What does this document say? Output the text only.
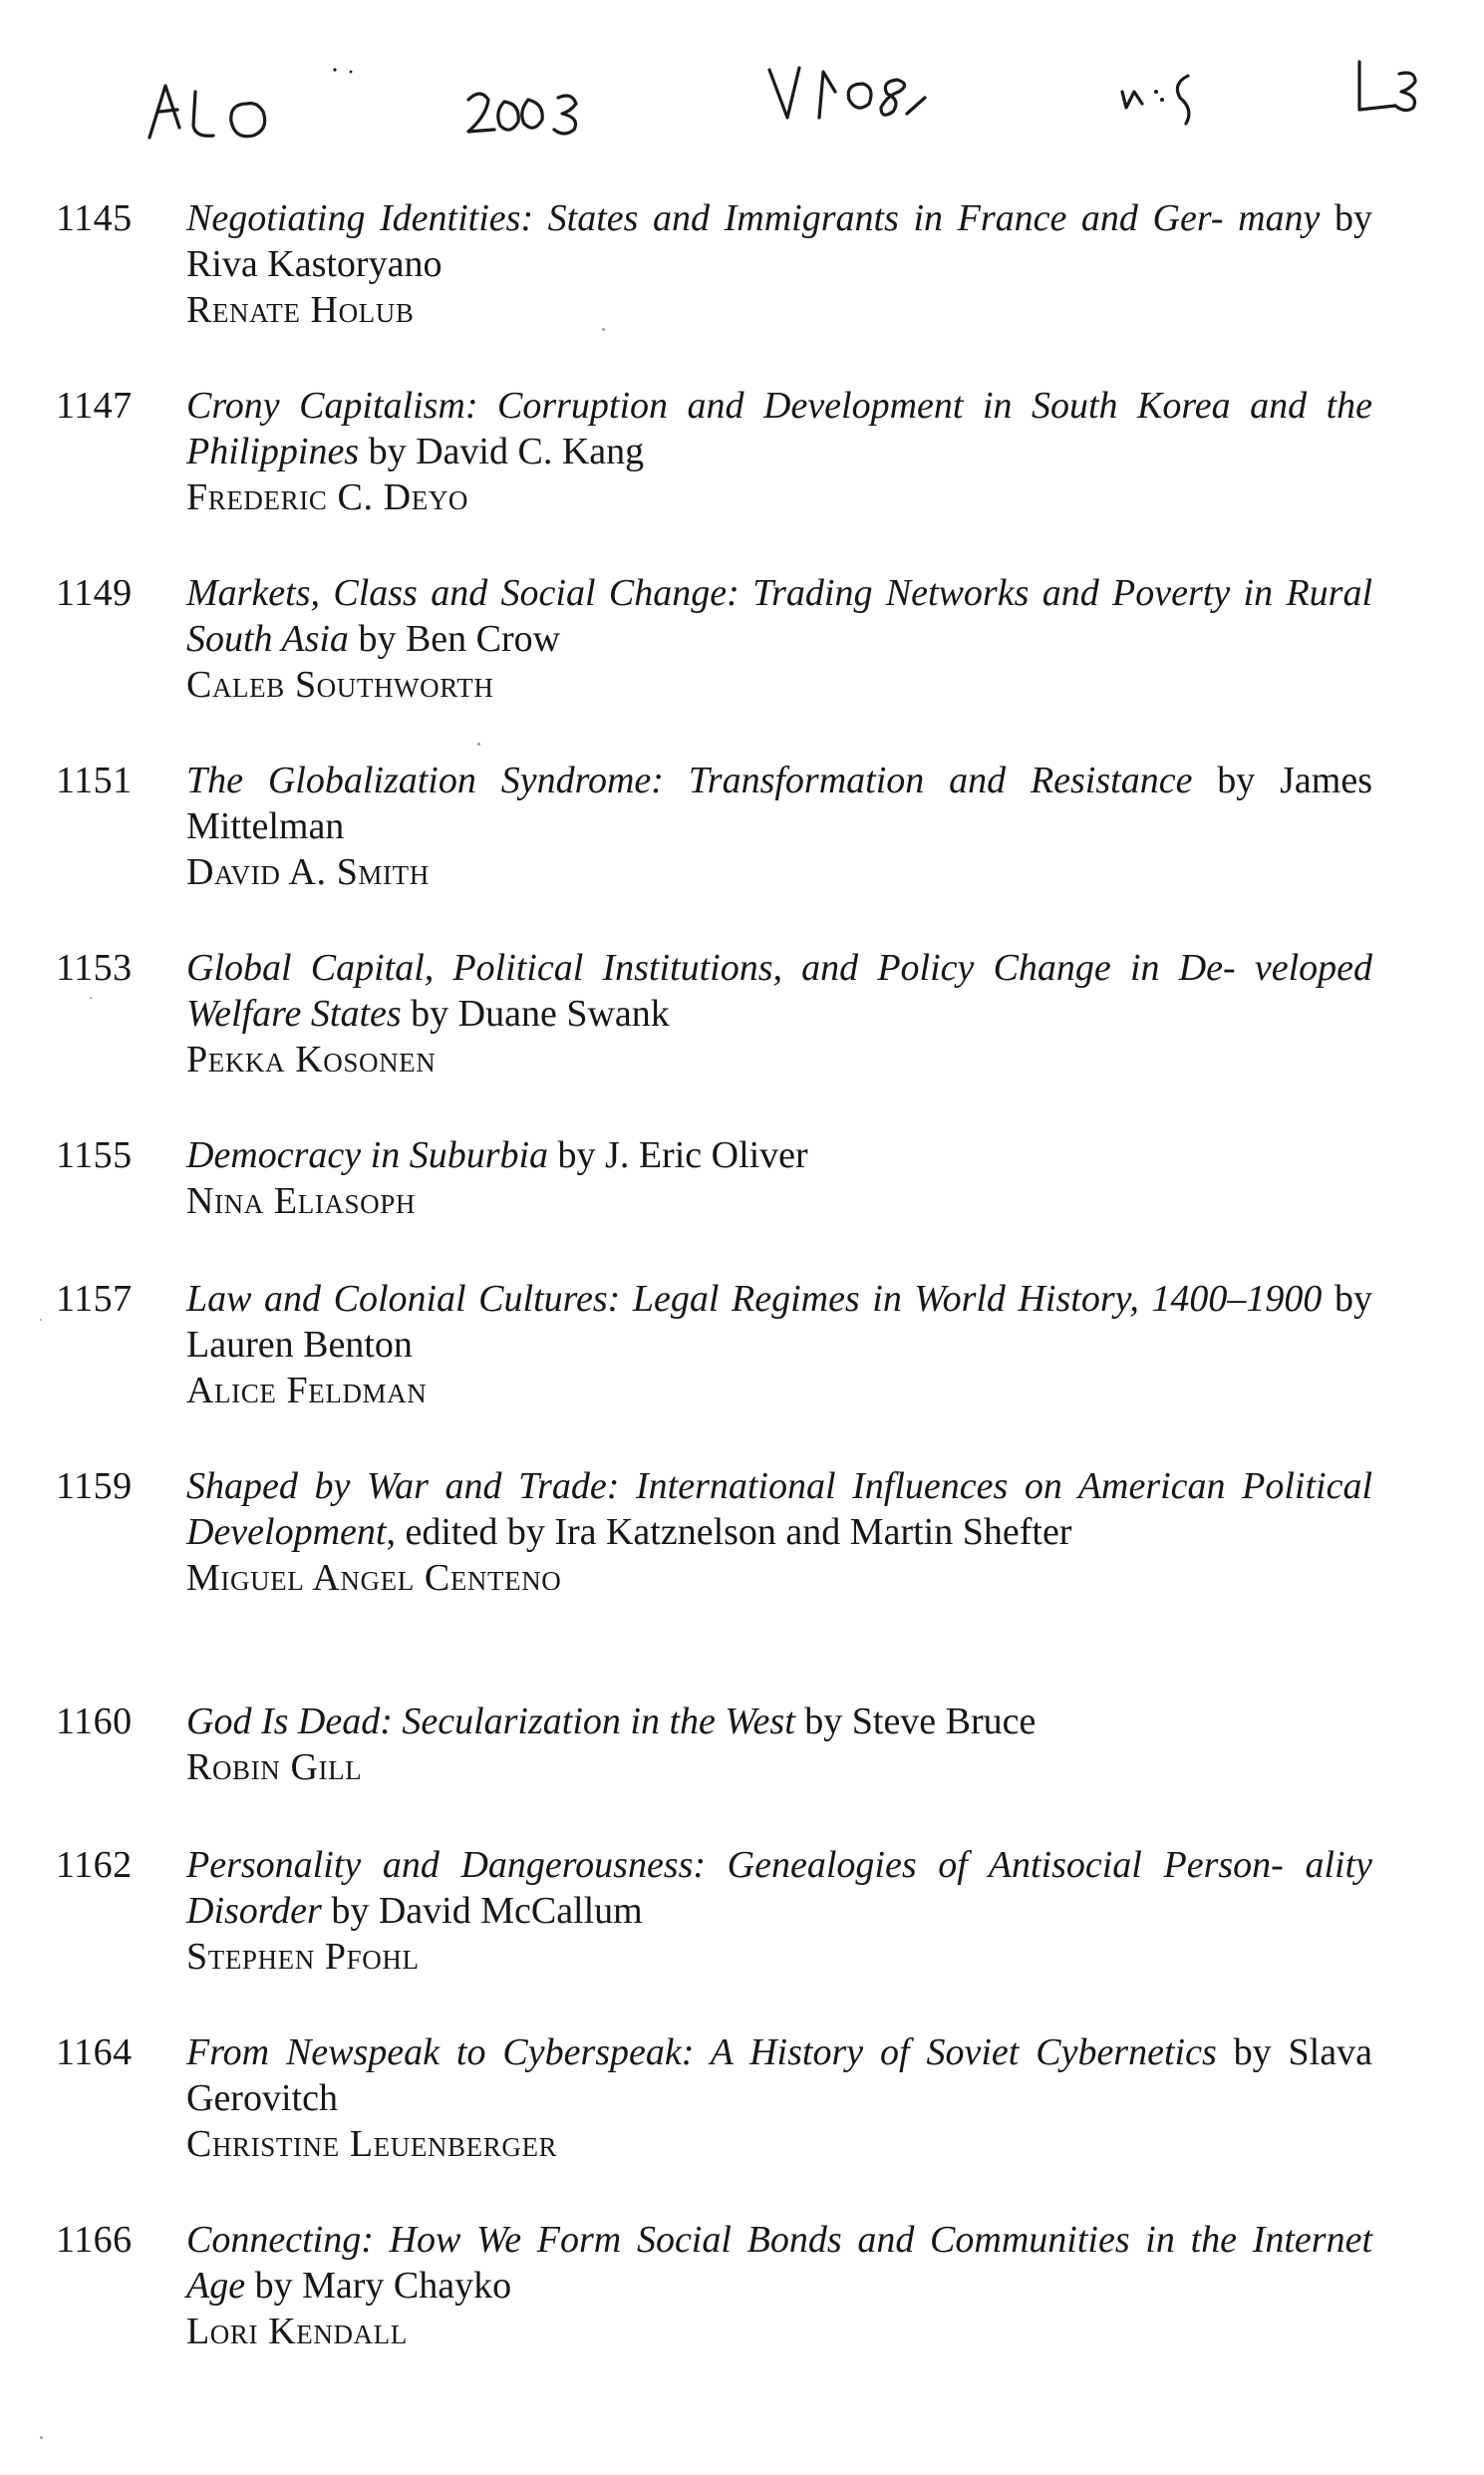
1145	Negotiating Identities: States and Immigrants in France and Ger- many by Riva Kastoryano
Renate Holub
1147	Crony Capitalism: Corruption and Development in South Korea and the Philippines by David C. Kang
Frederic C. Deyo
1149	Markets, Class and Social Change: Trading Networks and Poverty in Rural South Asia by Ben Crow
Caleb Southworth
1151	The Globalization Syndrome: Transformation and Resistance by James Mittelman
David A. Smith
1153	Global Capital, Political Institutions, and Policy Change in De- veloped Welfare States by Duane Swank
Pekka Kosonen
1155	Democracy in Suburbia by J. Eric Oliver
Nina Eliasoph
1157	Law and Colonial Cultures: Legal Regimes in World History, 1400–1900 by Lauren Benton
Alice Feldman
1159	Shaped by War and Trade: International Influences on American Political Development, edited by Ira Katznelson and Martin Shefter
Miguel Angel Centeno
1160	God Is Dead: Secularization in the West by Steve Bruce
Robin Gill
1162	Personality and Dangerousness: Genealogies of Antisocial Person- ality Disorder by David McCallum
Stephen Pfohl
1164	From Newspeak to Cyberspeak: A History of Soviet Cybernetics by Slava Gerovitch
Christine Leuenberger
1166	Connecting: How We Form Social Bonds and Communities in the Internet Age by Mary Chayko
Lori Kendall
